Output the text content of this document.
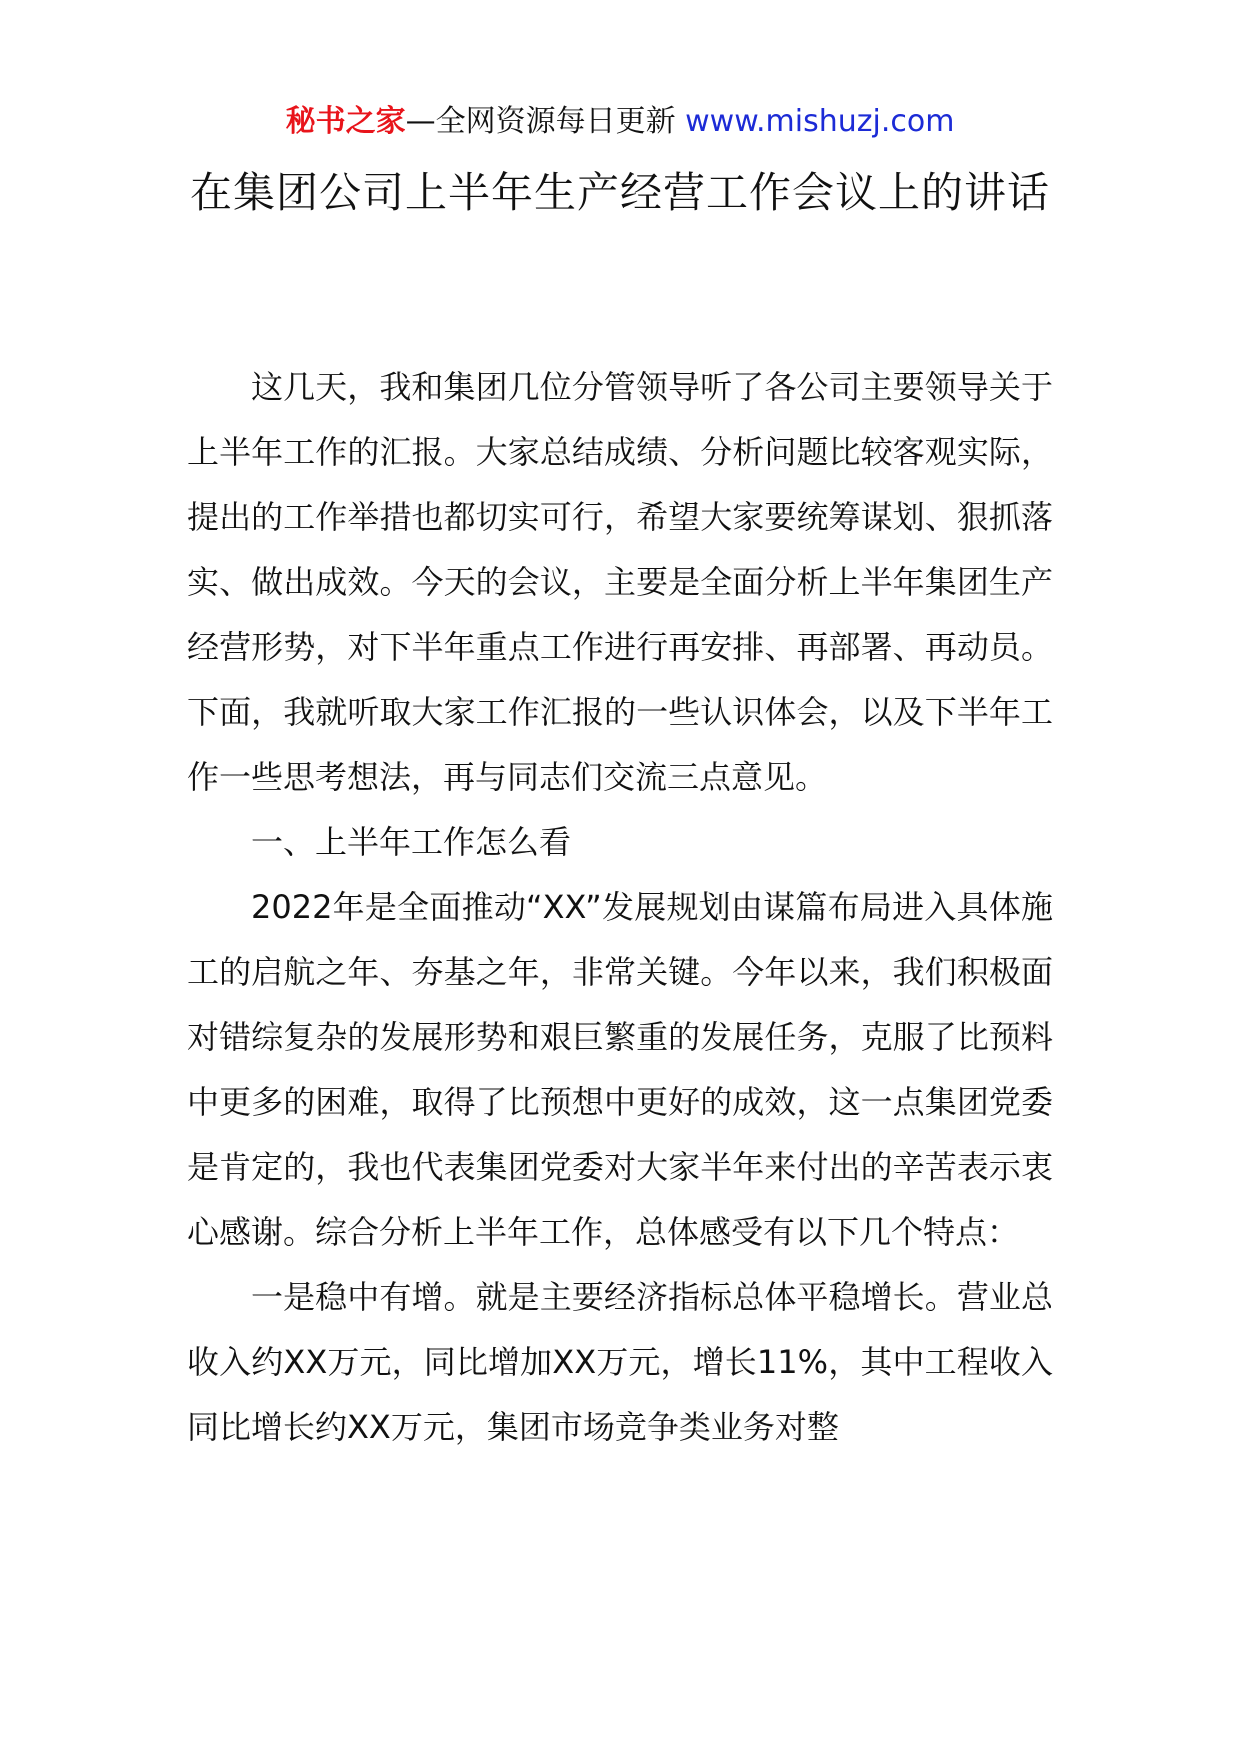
秘书之家—全网资源每日更新 www.mishuzj.com
在集团公司上半年生产经营工作会议上的讲话

这几天，我和集团几位分管领导听了各公司主要领导关于上半年工作的汇报。大家总结成绩、分析问题比较客观实际，提出的工作举措也都切实可行，希望大家要统筹谋划、狠抓落实、做出成效。今天的会议，主要是全面分析上半年集团生产经营形势，对下半年重点工作进行再安排、再部署、再动员。下面，我就听取大家工作汇报的一些认识体会，以及下半年工作一些思考想法，再与同志们交流三点意见。

一、上半年工作怎么看

2022年是全面推动“XX”发展规划由谋篇布局进入具体施工的启航之年、夯基之年，非常关键。今年以来，我们积极面对错综复杂的发展形势和艰巨繁重的发展任务，克服了比预料中更多的困难，取得了比预想中更好的成效，这一点集团党委是肯定的，我也代表集团党委对大家半年来付出的辛苦表示衷心感谢。综合分析上半年工作，总体感受有以下几个特点：

一是稳中有增。就是主要经济指标总体平稳增长。营业总收入约XX万元，同比增加XX万元，增长11%，其中工程收入同比增长约XX万元，集团市场竞争类业务对整
